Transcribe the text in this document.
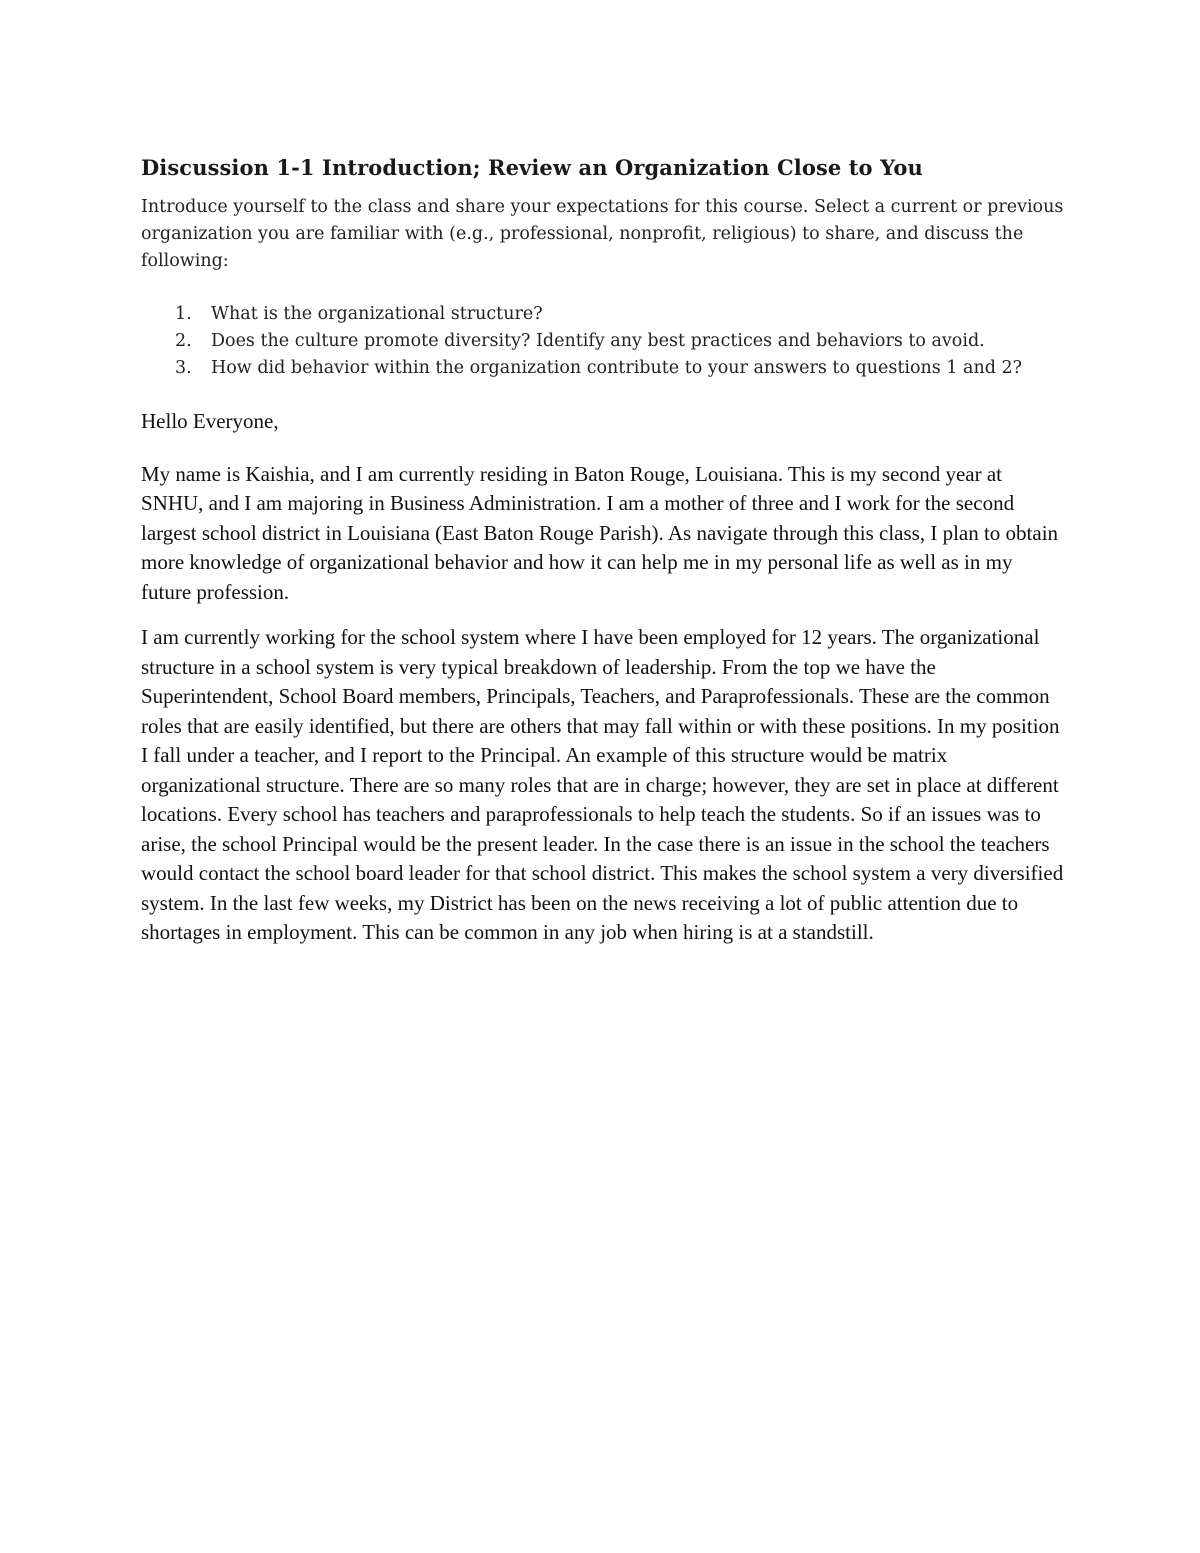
Discussion 1-1 Introduction; Review an Organization Close to You

Introduce yourself to the class and share your expectations for this course. Select a current or previous organization you are familiar with (e.g., professional, nonprofit, religious) to share, and discuss the following:

1. What is the organizational structure?
2. Does the culture promote diversity? Identify any best practices and behaviors to avoid.
3. How did behavior within the organization contribute to your answers to questions 1 and 2?

Hello Everyone,

My name is Kaishia, and I am currently residing in Baton Rouge, Louisiana. This is my second year at SNHU, and I am majoring in Business Administration. I am a mother of three and I work for the second largest school district in Louisiana (East Baton Rouge Parish). As navigate through this class, I plan to obtain more knowledge of organizational behavior and how it can help me in my personal life as well as in my future profession.

I am currently working for the school system where I have been employed for 12 years. The organizational structure in a school system is very typical breakdown of leadership. From the top we have the Superintendent, School Board members, Principals, Teachers, and Paraprofessionals. These are the common roles that are easily identified, but there are others that may fall within or with these positions. In my position I fall under a teacher, and I report to the Principal. An example of this structure would be matrix organizational structure. There are so many roles that are in charge; however, they are set in place at different locations. Every school has teachers and paraprofessionals to help teach the students. So if an issues was to arise, the school Principal would be the present leader. In the case there is an issue in the school the teachers would contact the school board leader for that school district. This makes the school system a very diversified system. In the last few weeks, my District has been on the news receiving a lot of public attention due to shortages in employment. This can be common in any job when hiring is at a standstill.
